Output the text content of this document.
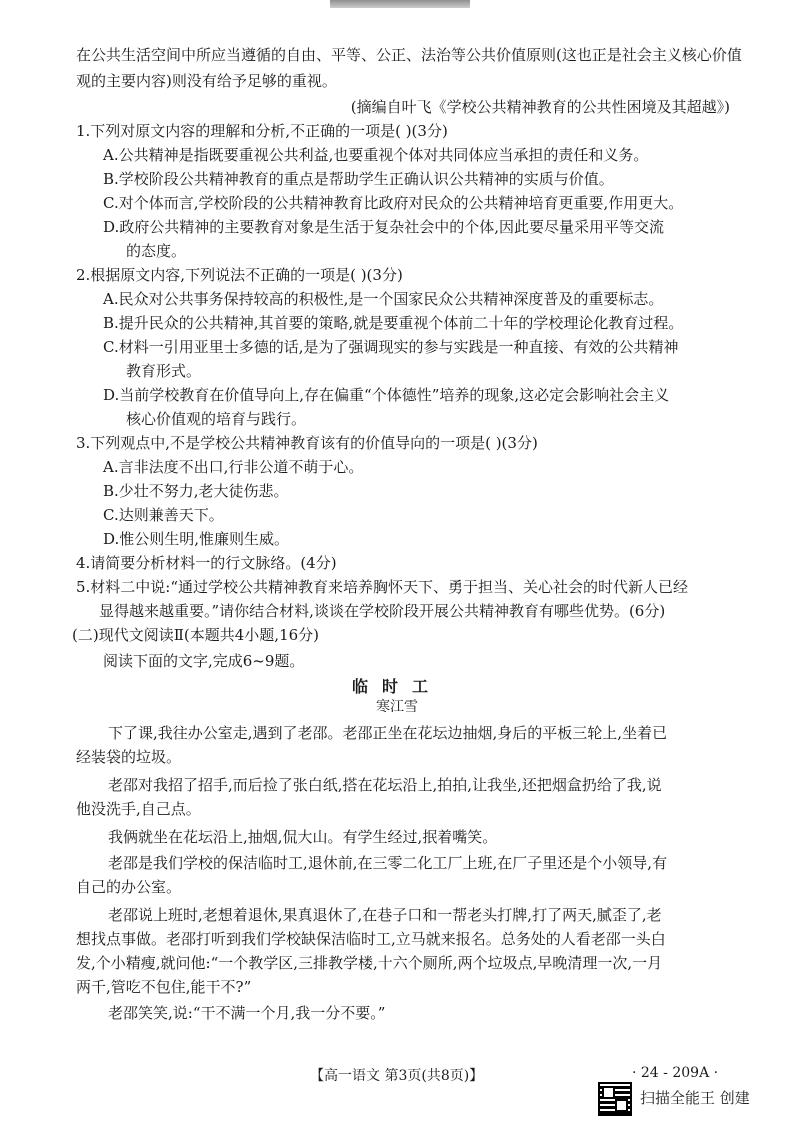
在公共生活空间中所应当遵循的自由、平等、公正、法治等公共价值原则(这也正是社会主义核心价值
观的主要内容)则没有给予足够的重视。
(摘编自叶飞《学校公共精神教育的公共性困境及其超越》)
1.下列对原文内容的理解和分析,不正确的一项是( )(3分)
A.公共精神是指既要重视公共利益,也要重视个体对共同体应当承担的责任和义务。
B.学校阶段公共精神教育的重点是帮助学生正确认识公共精神的实质与价值。
C.对个体而言,学校阶段的公共精神教育比政府对民众的公共精神培育更重要,作用更大。
D.政府公共精神的主要教育对象是生活于复杂社会中的个体,因此要尽量采用平等交流
的态度。
2.根据原文内容,下列说法不正确的一项是( )(3分)
A.民众对公共事务保持较高的积极性,是一个国家民众公共精神深度普及的重要标志。
B.提升民众的公共精神,其首要的策略,就是要重视个体前二十年的学校理论化教育过程。
C.材料一引用亚里士多德的话,是为了强调现实的参与实践是一种直接、有效的公共精神
教育形式。
D.当前学校教育在价值导向上,存在偏重“个体德性”培养的现象,这必定会影响社会主义
核心价值观的培育与践行。
3.下列观点中,不是学校公共精神教育该有的价值导向的一项是( )(3分)
A.言非法度不出口,行非公道不萌于心。
B.少壮不努力,老大徒伤悲。
C.达则兼善天下。
D.惟公则生明,惟廉则生威。
4.请简要分析材料一的行文脉络。(4分)
5.材料二中说:“通过学校公共精神教育来培养胸怀天下、勇于担当、关心社会的时代新人已经
显得越来越重要。”请你结合材料,谈谈在学校阶段开展公共精神教育有哪些优势。(6分)
(二)现代文阅读Ⅱ(本题共4小题,16分)
阅读下面的文字,完成6~9题。
临时工
寒江雪
下了课,我往办公室走,遇到了老邵。老邵正坐在花坛边抽烟,身后的平板三轮上,坐着已
经装袋的垃圾。
老邵对我招了招手,而后捡了张白纸,搭在花坛沿上,拍拍,让我坐,还把烟盒扔给了我,说
他没洗手,自己点。
我俩就坐在花坛沿上,抽烟,侃大山。有学生经过,抿着嘴笑。
老邵是我们学校的保洁临时工,退休前,在三零二化工厂上班,在厂子里还是个小领导,有
自己的办公室。
老邵说上班时,老想着退休,果真退休了,在巷子口和一帮老头打牌,打了两天,腻歪了,老
想找点事做。老邵打听到我们学校缺保洁临时工,立马就来报名。总务处的人看老邵一头白
发,个小精瘦,就问他:“一个教学区,三排教学楼,十六个厕所,两个垃圾点,早晚清理一次,一月
两千,管吃不包住,能干不?”
老邵笑笑,说:“干不满一个月,我一分不要。”
【高一语文 第3页(共8页)】	· 24 - 209A ·
扫描全能王 创建
